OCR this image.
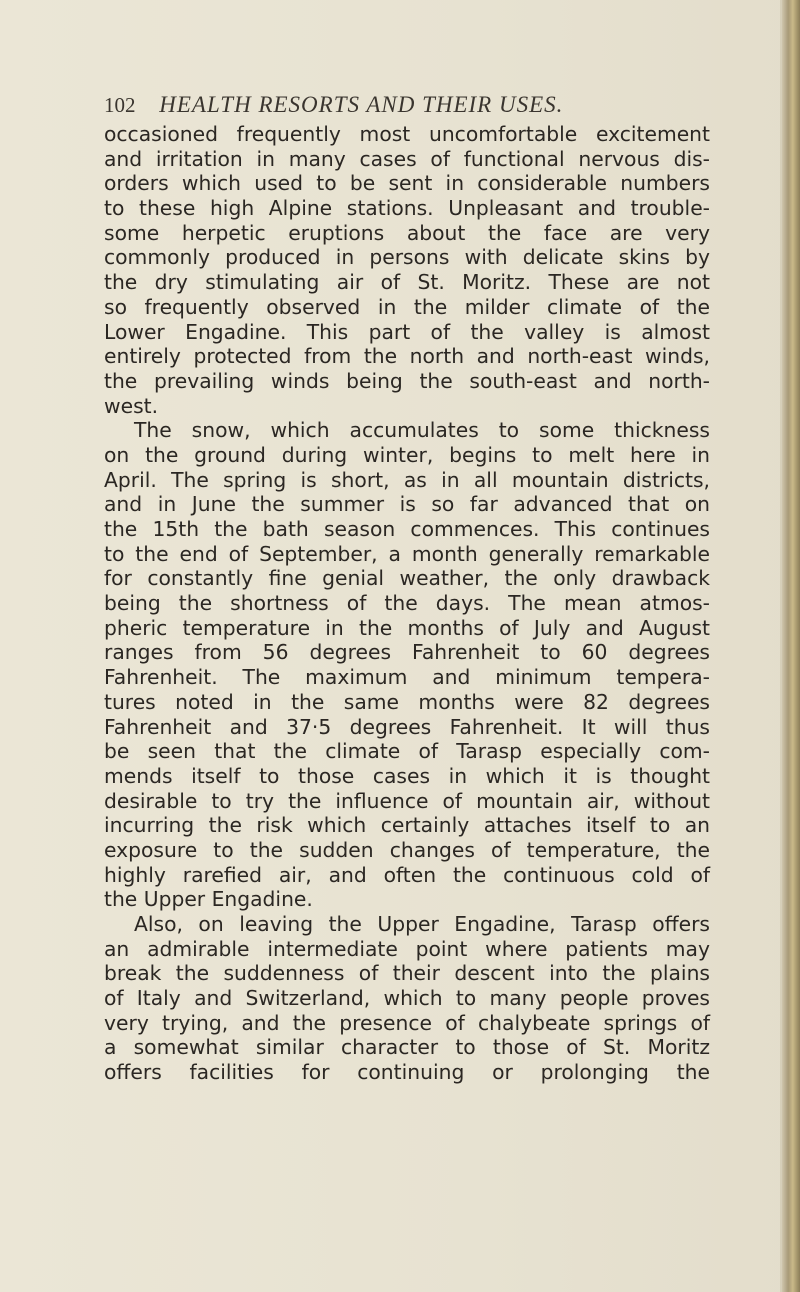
102 HEALTH RESORTS AND THEIR USES.
occasioned frequently most uncomfortable excitement
and irritation in many cases of functional nervous dis-
orders which used to be sent in considerable numbers
to these high Alpine stations. Unpleasant and trouble-
some herpetic eruptions about the face are very
commonly produced in persons with delicate skins by
the dry stimulating air of St. Moritz. These are not
so frequently observed in the milder climate of the
Lower Engadine. This part of the valley is almost
entirely protected from the north and north-east winds,
the prevailing winds being the south-east and north-
west.
The snow, which accumulates to some thickness
on the ground during winter, begins to melt here in
April. The spring is short, as in all mountain districts,
and in June the summer is so far advanced that on
the 15th the bath season commences. This continues
to the end of September, a month generally remarkable
for constantly fine genial weather, the only drawback
being the shortness of the days. The mean atmos-
pheric temperature in the months of July and August
ranges from 56 degrees Fahrenheit to 60 degrees
Fahrenheit. The maximum and minimum tempera-
tures noted in the same months were 82 degrees
Fahrenheit and 37·5 degrees Fahrenheit. It will thus
be seen that the climate of Tarasp especially com-
mends itself to those cases in which it is thought
desirable to try the influence of mountain air, without
incurring the risk which certainly attaches itself to an
exposure to the sudden changes of temperature, the
highly rarefied air, and often the continuous cold of
the Upper Engadine.
Also, on leaving the Upper Engadine, Tarasp offers
an admirable intermediate point where patients may
break the suddenness of their descent into the plains
of Italy and Switzerland, which to many people proves
very trying, and the presence of chalybeate springs of
a somewhat similar character to those of St. Moritz
offers facilities for continuing or prolonging the
